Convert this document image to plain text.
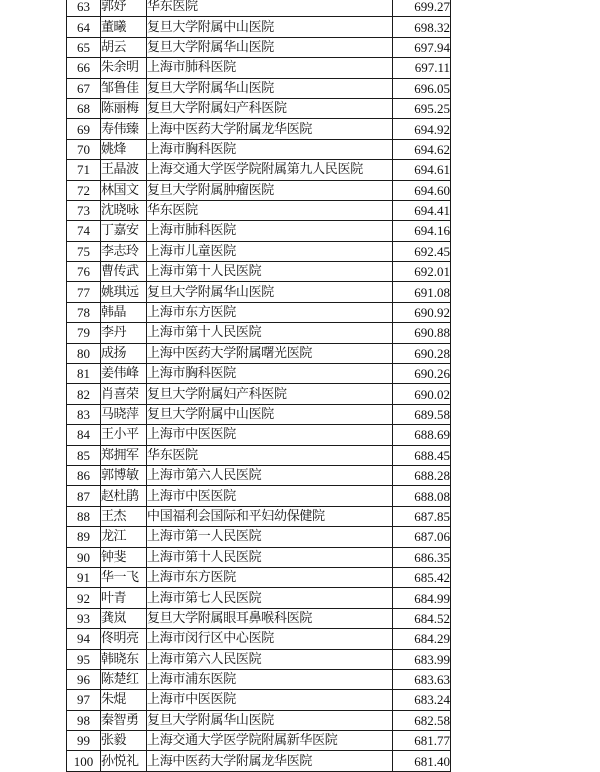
63	郭妤	华东医院	699.27
64	董曦	复旦大学附属中山医院	698.32
65	胡云	复旦大学附属华山医院	697.94
66	朱余明	上海市肺科医院	697.11
67	邹鲁佳	复旦大学附属华山医院	696.05
68	陈丽梅	复旦大学附属妇产科医院	695.25
69	寿伟臻	上海中医药大学附属龙华医院	694.92
70	姚烽	上海市胸科医院	694.62
71	王晶波	上海交通大学医学院附属第九人民医院	694.61
72	林国文	复旦大学附属肿瘤医院	694.60
73	沈晓咏	华东医院	694.41
74	丁嘉安	上海市肺科医院	694.16
75	李志玲	上海市儿童医院	692.45
76	曹传武	上海市第十人民医院	692.01
77	姚琪远	复旦大学附属华山医院	691.08
78	韩晶	上海市东方医院	690.92
79	李丹	上海市第十人民医院	690.88
80	成扬	上海中医药大学附属曙光医院	690.28
81	姜伟峰	上海市胸科医院	690.26
82	肖喜荣	复旦大学附属妇产科医院	690.02
83	马晓萍	复旦大学附属中山医院	689.58
84	王小平	上海市中医医院	688.69
85	郑拥军	华东医院	688.45
86	郭博敏	上海市第六人民医院	688.28
87	赵杜鹃	上海市中医医院	688.08
88	王杰	中国福利会国际和平妇幼保健院	687.85
89	龙江	上海市第一人民医院	687.06
90	钟斐	上海市第十人民医院	686.35
91	华一飞	上海市东方医院	685.42
92	叶青	上海市第七人民医院	684.99
93	龚岚	复旦大学附属眼耳鼻喉科医院	684.52
94	佟明亮	上海市闵行区中心医院	684.29
95	韩晓东	上海市第六人民医院	683.99
96	陈楚红	上海市浦东医院	683.63
97	朱焜	上海市中医医院	683.24
98	秦智勇	复旦大学附属华山医院	682.58
99	张毅	上海交通大学医学院附属新华医院	681.77
100	孙悦礼	上海中医药大学附属龙华医院	681.40
